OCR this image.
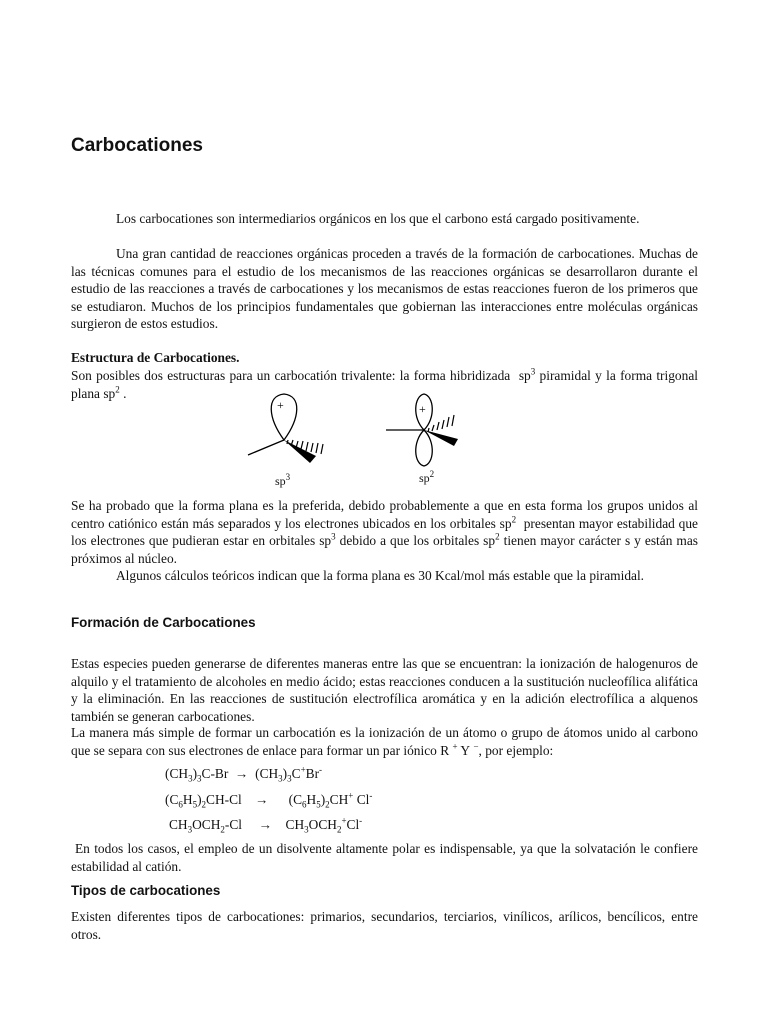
Carbocationes

Los carbocationes son intermediarios orgánicos en los que el carbono está cargado positivamente.

Una gran cantidad de reacciones orgánicas proceden a través de la formación de carbocationes. Muchas de las técnicas comunes para el estudio de los mecanismos de las reacciones orgánicas se desarrollaron durante el estudio de las reacciones a través de carbocationes y los mecanismos de estas reacciones fueron de los primeros que se estudiaron. Muchos de los principios fundamentales que gobiernan las interacciones entre moléculas orgánicas surgieron de estos estudios.

Estructura de Carbocationes.

Son posibles dos estructuras para un carbocatión trivalente: la forma hibridizada $sp^3$ piramidal y la forma trigonal plana $sp^2$ .

+	+
$sp^3$	$sp^2$

Se ha probado que la forma plana es la preferida, debido probablemente a que en esta forma los grupos unidos al centro catiónico están más separados y los electrones ubicados en los orbitales $sp^2$ presentan mayor estabilidad que los electrones que pudieran estar en orbitales $sp^3$ debido a que los orbitales $sp^2$ tienen mayor carácter s y están mas próximos al núcleo.

Algunos cálculos teóricos indican que la forma plana es 30 Kcal/mol más estable que la piramidal.

Formación de Carbocationes

Estas especies pueden generarse de diferentes maneras entre las que se encuentran: la ionización de halogenuros de alquilo y el tratamiento de alcoholes en medio ácido; estas reacciones conducen a la sustitución nucleofílica alifática y la eliminación. En las reacciones de sustitución electrofílica aromática y en la adición electrofílica a alquenos también se generan carbocationes.

La manera más simple de formar un carbocatión es la ionización de un átomo o grupo de átomos unido al carbono que se separa con sus electrones de enlace para formar un par iónico R + Y −, por ejemplo:

$(CH_3)_3C-Br \to (CH_3)_3C^+Br^-$
$(C_6H_5)_2CH-Cl \to (C_6H_5)_2CH^+$ Cl-
$CH_3OCH_2-Cl \to CH_3OCH_2^+Cl^-$

En todos los casos, el empleo de un disolvente altamente polar es indispensable, ya que la solvatación le confiere estabilidad al catión.

Tipos de carbocationes

Existen diferentes tipos de carbocationes: primarios, secundarios, terciarios, vinílicos, arílicos, bencílicos, entre otros.
